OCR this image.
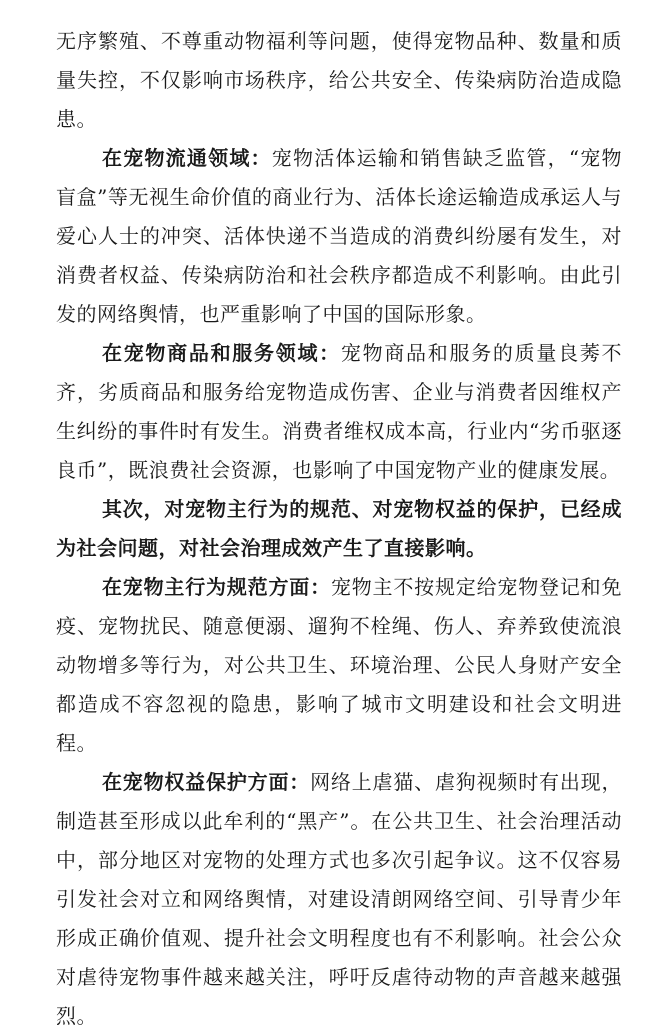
无序繁殖、不尊重动物福利等问题，使得宠物品种、数量和质量失控，不仅影响市场秩序，给公共安全、传染病防治造成隐患。

在宠物流通领域：宠物活体运输和销售缺乏监管，“宠物盲盒”等无视生命价值的商业行为、活体长途运输造成承运人与爱心人士的冲突、活体快递不当造成的消费纠纷屡有发生，对消费者权益、传染病防治和社会秩序都造成不利影响。由此引发的网络舆情，也严重影响了中国的国际形象。

在宠物商品和服务领域：宠物商品和服务的质量良莠不齐，劣质商品和服务给宠物造成伤害、企业与消费者因维权产生纠纷的事件时有发生。消费者维权成本高，行业内“劣币驱逐良币”，既浪费社会资源，也影响了中国宠物产业的健康发展。

其次，对宠物主行为的规范、对宠物权益的保护，已经成为社会问题，对社会治理成效产生了直接影响。

在宠物主行为规范方面：宠物主不按规定给宠物登记和免疫、宠物扰民、随意便溺、遛狗不栓绳、伤人、弃养致使流浪动物增多等行为，对公共卫生、环境治理、公民人身财产安全都造成不容忽视的隐患，影响了城市文明建设和社会文明进程。

在宠物权益保护方面：网络上虐猫、虐狗视频时有出现，制造甚至形成以此牟利的“黑产”。在公共卫生、社会治理活动中，部分地区对宠物的处理方式也多次引起争议。这不仅容易引发社会对立和网络舆情，对建设清朗网络空间、引导青少年形成正确价值观、提升社会文明程度也有不利影响。社会公众对虐待宠物事件越来越关注，呼吁反虐待动物的声音越来越强烈。
